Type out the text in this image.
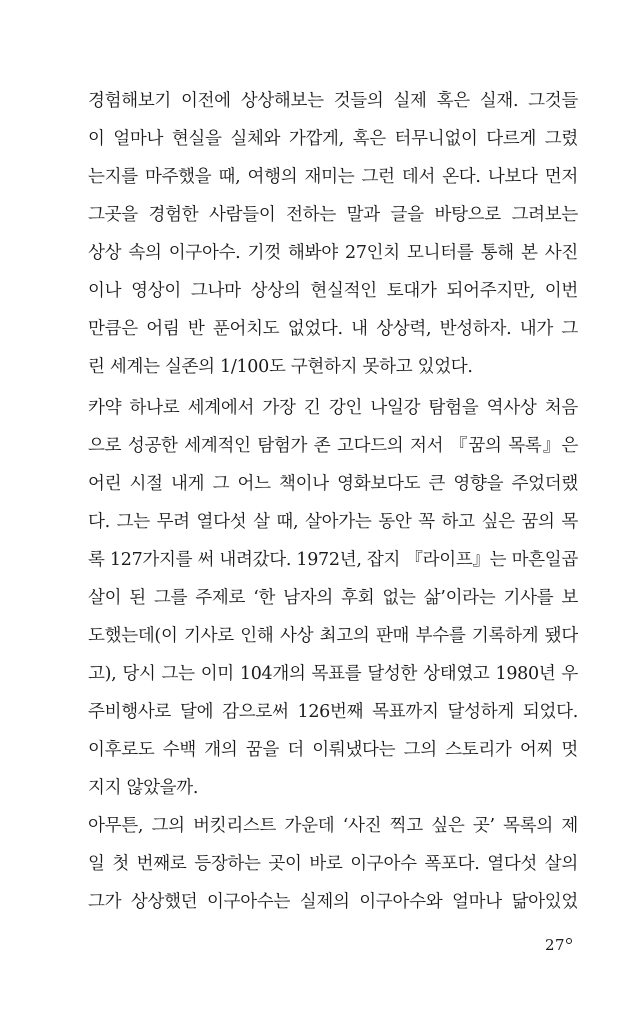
경험해보기 이전에 상상해보는 것들의 실제 혹은 실재. 그것들
이 얼마나 현실을 실체와 가깝게, 혹은 터무니없이 다르게 그렸
는지를 마주했을 때, 여행의 재미는 그런 데서 온다. 나보다 먼저
그곳을 경험한 사람들이 전하는 말과 글을 바탕으로 그려보는
상상 속의 이구아수. 기껏 해봐야 27인치 모니터를 통해 본 사진
이나 영상이 그나마 상상의 현실적인 토대가 되어주지만, 이번
만큼은 어림 반 푼어치도 없었다. 내 상상력, 반성하자. 내가 그
린 세계는 실존의 1/100도 구현하지 못하고 있었다.
카약 하나로 세계에서 가장 긴 강인 나일강 탐험을 역사상 처음
으로 성공한 세계적인 탐험가 존 고다드의 저서 『꿈의 목록』은
어린 시절 내게 그 어느 책이나 영화보다도 큰 영향을 주었더랬
다. 그는 무려 열다섯 살 때, 살아가는 동안 꼭 하고 싶은 꿈의 목
록 127가지를 써 내려갔다. 1972년, 잡지 『라이프』는 마흔일곱
살이 된 그를 주제로 ‘한 남자의 후회 없는 삶’이라는 기사를 보
도했는데(이 기사로 인해 사상 최고의 판매 부수를 기록하게 됐다
고), 당시 그는 이미 104개의 목표를 달성한 상태였고 1980년 우
주비행사로 달에 감으로써 126번째 목표까지 달성하게 되었다.
이후로도 수백 개의 꿈을 더 이뤄냈다는 그의 스토리가 어찌 멋
지지 않았을까.
아무튼, 그의 버킷리스트 가운데 ‘사진 찍고 싶은 곳’ 목록의 제
일 첫 번째로 등장하는 곳이 바로 이구아수 폭포다. 열다섯 살의
그가 상상했던 이구아수는 실제의 이구아수와 얼마나 닮아있었
27
